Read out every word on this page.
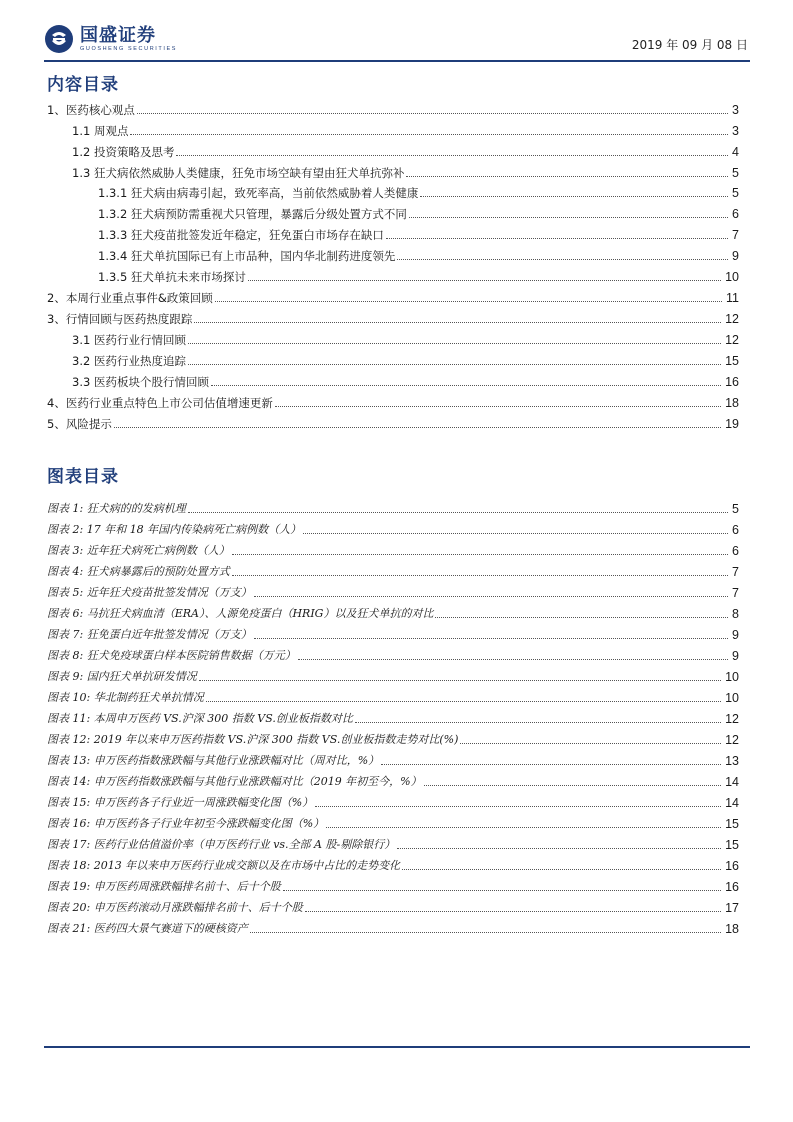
国盛证券
GUOSHENG SECURITIES	2019 年 09 月 08 日
内容目录
1、医药核心观点	3
1.1 周观点	3
1.2 投资策略及思考	4
1.3 狂犬病依然威胁人类健康，狂免市场空缺有望由狂犬单抗弥补	5
1.3.1 狂犬病由病毒引起，致死率高，当前依然威胁着人类健康	5
1.3.2 狂犬病预防需重视犬只管理，暴露后分级处置方式不同	6
1.3.3 狂犬疫苗批签发近年稳定，狂免蛋白市场存在缺口	7
1.3.4 狂犬单抗国际已有上市品种，国内华北制药进度领先	9
1.3.5 狂犬单抗未来市场探讨	10
2、本周行业重点事件&政策回顾	11
3、行情回顾与医药热度跟踪	12
3.1 医药行业行情回顾	12
3.2 医药行业热度追踪	15
3.3 医药板块个股行情回顾	16
4、医药行业重点特色上市公司估值增速更新	18
5、风险提示	19
图表目录
图表 1: 狂犬病的的发病机理	5
图表 2: 17 年和 18 年国内传染病死亡病例数（人）	6
图表 3: 近年狂犬病死亡病例数（人）	6
图表 4: 狂犬病暴露后的预防处置方式	7
图表 5: 近年狂犬疫苗批签发情况（万支）	7
图表 6: 马抗狂犬病血清（ERA）、人源免疫蛋白（HRIG）以及狂犬单抗的对比	8
图表 7: 狂免蛋白近年批签发情况（万支）	9
图表 8: 狂犬免疫球蛋白样本医院销售数据（万元）	9
图表 9: 国内狂犬单抗研发情况	10
图表 10: 华北制药狂犬单抗情况	10
图表 11: 本周申万医药 VS.沪深 300 指数 VS.创业板指数对比	12
图表 12: 2019 年以来申万医药指数 VS.沪深 300 指数 VS.创业板指数走势对比(%)	12
图表 13: 申万医药指数涨跌幅与其他行业涨跌幅对比（周对比，%）	13
图表 14: 申万医药指数涨跌幅与其他行业涨跌幅对比（2019 年初至今，%）	14
图表 15: 申万医药各子行业近一周涨跌幅变化图（%）	14
图表 16: 申万医药各子行业年初至今涨跌幅变化图（%）	15
图表 17: 医药行业估值溢价率（申万医药行业 vs.全部 A 股-剔除银行）	15
图表 18: 2013 年以来申万医药行业成交额以及在市场中占比的走势变化	16
图表 19: 申万医药周涨跌幅排名前十、后十个股	16
图表 20: 申万医药滚动月涨跌幅排名前十、后十个股	17
图表 21: 医药四大景气赛道下的硬核资产	18
